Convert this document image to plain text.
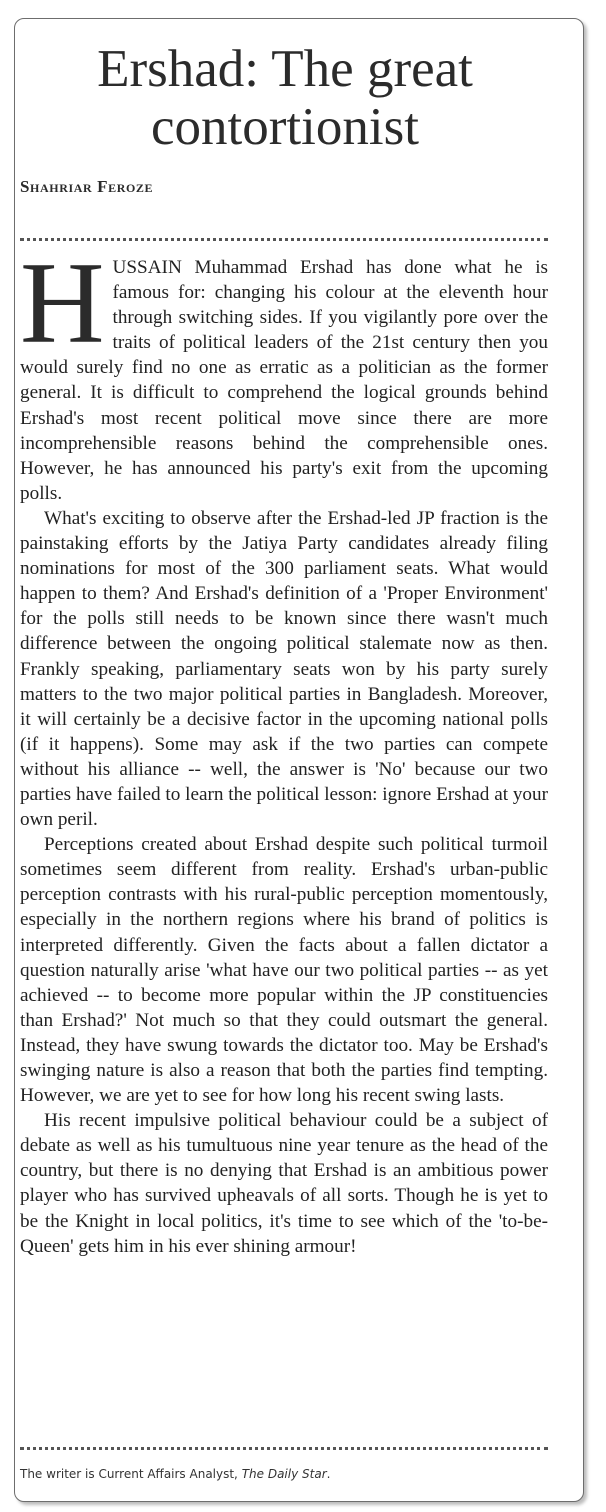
Ershad: The great contortionist
Shahriar Feroze

HUSSAIN Muhammad Ershad has done what he is famous for: changing his colour at the eleventh hour through switching sides. If you vigilantly pore over the traits of political leaders of the 21st century then you would surely find no one as erratic as a politician as the former general. It is difficult to comprehend the logical grounds behind Ershad's most recent political move since there are more incomprehensible reasons behind the comprehensible ones. However, he has announced his party's exit from the upcoming polls.

What's exciting to observe after the Ershad-led JP fraction is the painstaking efforts by the Jatiya Party candidates already filing nominations for most of the 300 parliament seats. What would happen to them? And Ershad's definition of a 'Proper Environment' for the polls still needs to be known since there wasn't much difference between the ongoing political stalemate now as then. Frankly speaking, parliamentary seats won by his party surely matters to the two major political parties in Bangladesh. Moreover, it will certainly be a decisive factor in the upcoming national polls (if it happens). Some may ask if the two parties can compete without his alliance -- well, the answer is 'No' because our two parties have failed to learn the political lesson: ignore Ershad at your own peril.

Perceptions created about Ershad despite such political turmoil sometimes seem different from reality. Ershad's urban-public perception contrasts with his rural-public perception momentously, especially in the northern regions where his brand of politics is interpreted differently. Given the facts about a fallen dictator a question naturally arise 'what have our two political parties -- as yet achieved -- to become more popular within the JP constituencies than Ershad?' Not much so that they could outsmart the general. Instead, they have swung towards the dictator too. May be Ershad's swinging nature is also a reason that both the parties find tempting. However, we are yet to see for how long his recent swing lasts.

His recent impulsive political behaviour could be a subject of debate as well as his tumultuous nine year tenure as the head of the country, but there is no denying that Ershad is an ambitious power player who has survived upheavals of all sorts. Though he is yet to be the Knight in local politics, it's time to see which of the 'to-be-Queen' gets him in his ever shining armour!

The writer is Current Affairs Analyst, The Daily Star.
